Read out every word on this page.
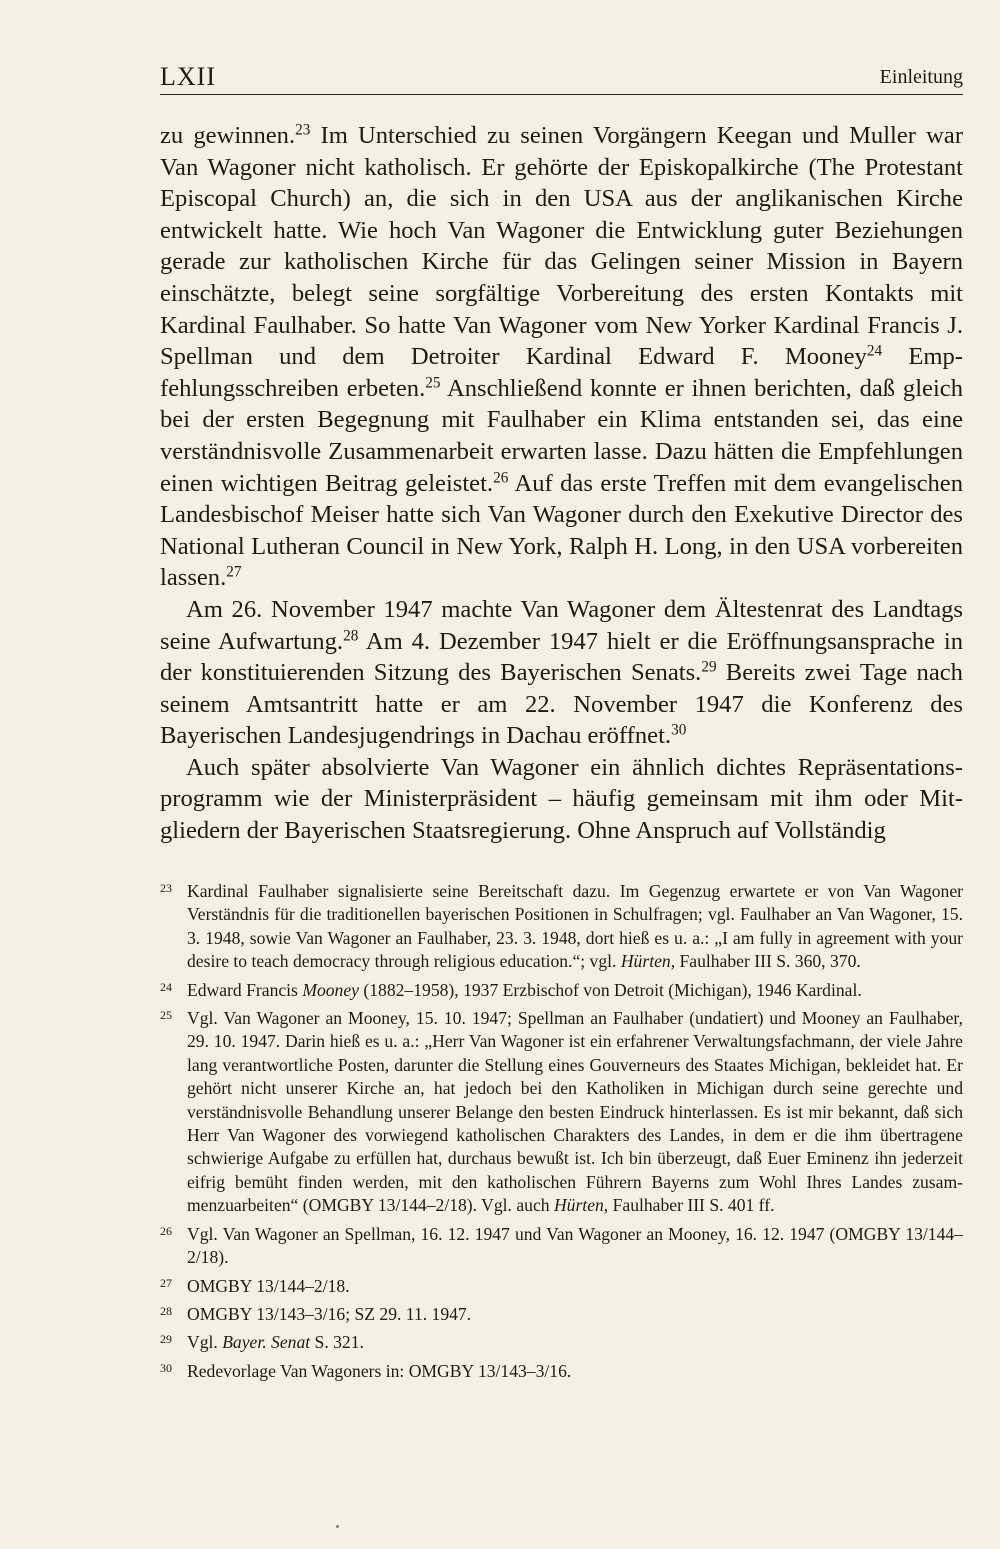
LXII	Einleitung

zu gewinnen.$^{23}$ Im Unterschied zu seinen Vorgängern Keegan und Muller war Van Wagoner nicht katholisch. Er gehörte der Episkopalkirche (The Protestant Episcopal Church) an, die sich in den USA aus der anglikanischen Kirche entwickelt hatte. Wie hoch Van Wagoner die Entwicklung guter Beziehungen gerade zur katholischen Kirche für das Gelingen seiner Mission in Bayern einschätzte, belegt seine sorgfältige Vorbereitung des ersten Kontakts mit Kardinal Faulhaber. So hatte Van Wagoner vom New Yorker Kardinal Francis J. Spellman und dem Detroiter Kardinal Edward F. Mooney$^{24}$ Empfehlungsschreiben erbeten.$^{25}$ Anschließend konnte er ihnen berichten, daß gleich bei der ersten Begegnung mit Faulhaber ein Klima entstanden sei, das eine verständnisvolle Zusammenarbeit erwarten lasse. Dazu hätten die Empfehlungen einen wichtigen Beitrag geleistet.$^{26}$ Auf das erste Treffen mit dem evangelischen Landesbischof Meiser hatte sich Van Wagoner durch den Exekutive Director des National Lutheran Council in New York, Ralph H. Long, in den USA vorbereiten lassen.$^{27}$

Am 26. November 1947 machte Van Wagoner dem Ältestenrat des Landtags seine Aufwartung.$^{28}$ Am 4. Dezember 1947 hielt er die Eröffnungsansprache in der konstituierenden Sitzung des Bayerischen Senats.$^{29}$ Bereits zwei Tage nach seinem Amtsantritt hatte er am 22. November 1947 die Konferenz des Bayerischen Landesjugendrings in Dachau eröffnet.$^{30}$

Auch später absolvierte Van Wagoner ein ähnlich dichtes Repräsentationsprogramm wie der Ministerpräsident – häufig gemeinsam mit ihm oder Mitgliedern der Bayerischen Staatsregierung. Ohne Anspruch auf Vollständig

23 Kardinal Faulhaber signalisierte seine Bereitschaft dazu. Im Gegenzug erwartete er von Van Wagoner Verständnis für die traditionellen bayerischen Positionen in Schulfragen; vgl. Faulhaber an Van Wagoner, 15. 3. 1948, sowie Van Wagoner an Faulhaber, 23. 3. 1948, dort hieß es u. a.: „I am fully in agreement with your desire to teach democracy through religious education.“; vgl. Hürten, Faulhaber III S. 360, 370.
24 Edward Francis Mooney (1882–1958), 1937 Erzbischof von Detroit (Michigan), 1946 Kardinal.
25 Vgl. Van Wagoner an Mooney, 15. 10. 1947; Spellman an Faulhaber (undatiert) und Mooney an Faulhaber, 29. 10. 1947. Darin hieß es u. a.: „Herr Van Wagoner ist ein erfahrener Verwaltungsfachmann, der viele Jahre lang verantwortliche Posten, darunter die Stellung eines Gouverneurs des Staates Michigan, bekleidet hat. Er gehört nicht unserer Kirche an, hat jedoch bei den Katholiken in Michigan durch seine gerechte und verständnisvolle Behandlung unserer Belange den besten Eindruck hinterlassen. Es ist mir bekannt, daß sich Herr Van Wagoner des vorwiegend katholischen Charakters des Landes, in dem er die ihm übertragene schwierige Aufgabe zu erfüllen hat, durchaus bewußt ist. Ich bin überzeugt, daß Euer Eminenz ihn jederzeit eifrig bemüht finden werden, mit den katholischen Führern Bayerns zum Wohl Ihres Landes zusammenzuarbeiten“ (OMGBY 13/144–2/18). Vgl. auch Hürten, Faulhaber III S. 401 ff.
26 Vgl. Van Wagoner an Spellman, 16. 12. 1947 und Van Wagoner an Mooney, 16. 12. 1947 (OMGBY 13/144–2/18).
27 OMGBY 13/144–2/18.
28 OMGBY 13/143–3/16; SZ 29. 11. 1947.
29 Vgl. Bayer. Senat S. 321.
30 Redevorlage Van Wagoners in: OMGBY 13/143–3/16.
